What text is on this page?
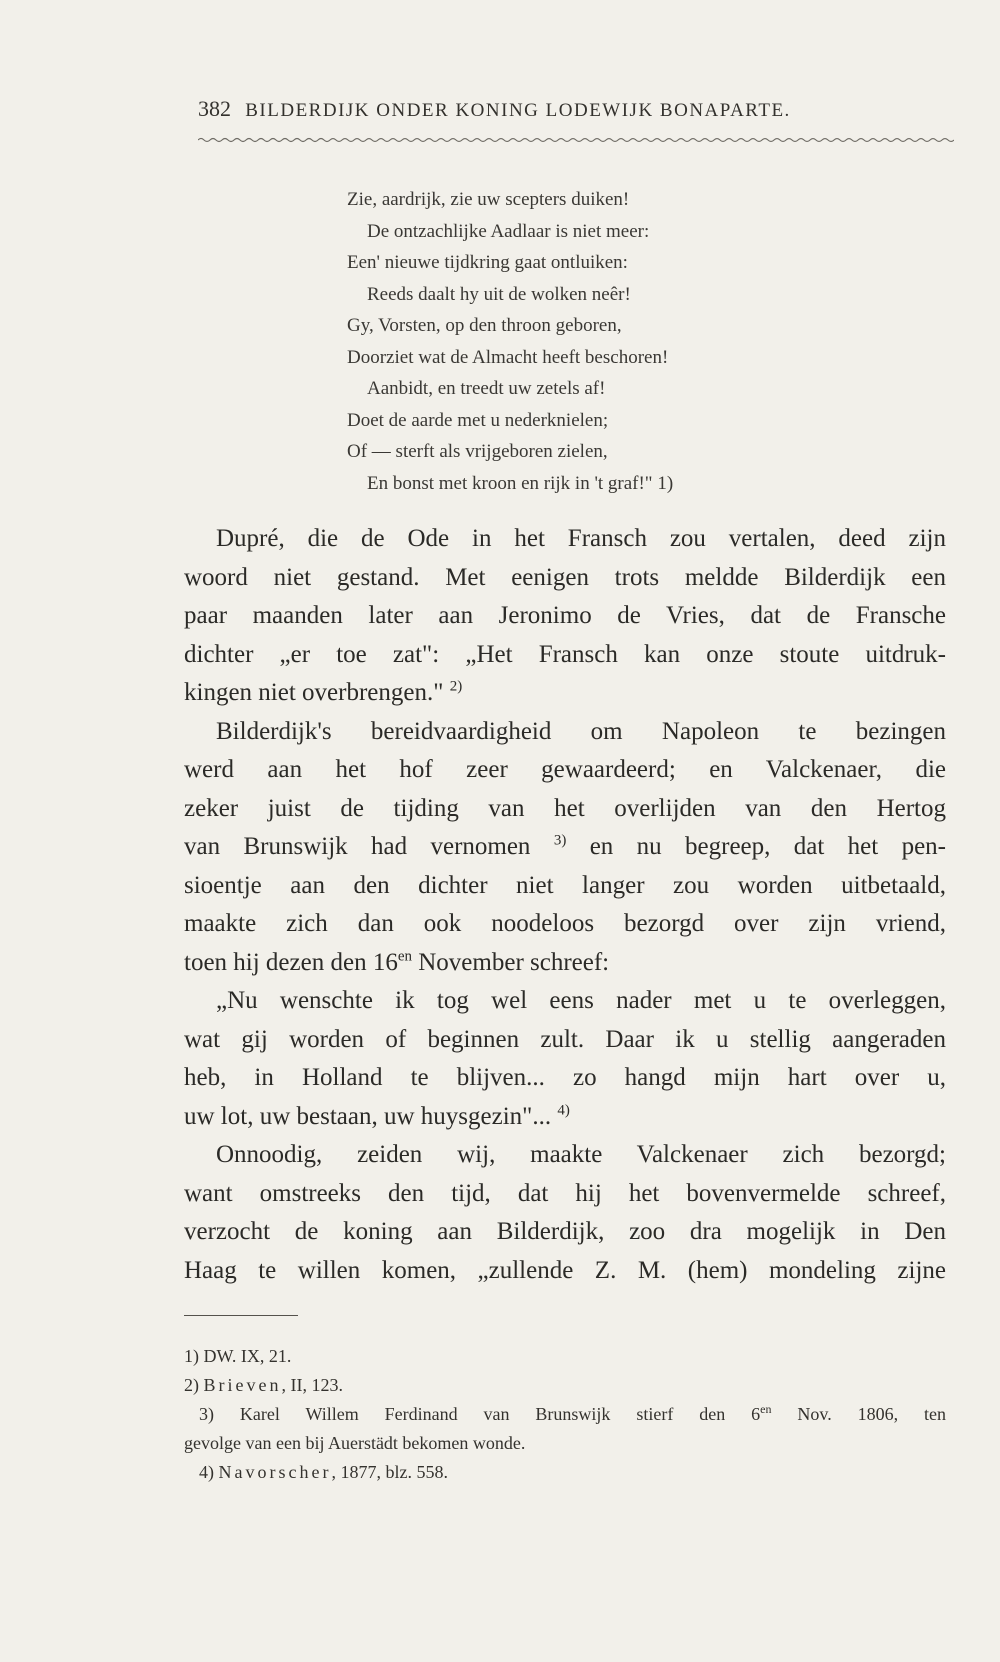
382 BILDERDIJK ONDER KONING LODEWIJK BONAPARTE.
Zie, aardrijk, zie uw scepters duiken!
De ontzachlijke Aadlaar is niet meer:
Een' nieuwe tijdkring gaat ontluiken:
Reeds daalt hy uit de wolken neêr!
Gy, Vorsten, op den throon geboren,
Doorziet wat de Almacht heeft beschoren!
Aanbidt, en treedt uw zetels af!
Doet de aarde met u nederknielen;
Of — sterft als vrijgeboren zielen,
En bonst met kroon en rijk in 't graf!" 1)
Dupré, die de Ode in het Fransch zou vertalen, deed zijn
woord niet gestand. Met eenigen trots meldde Bilderdijk een
paar maanden later aan Jeronimo de Vries, dat de Fransche
dichter „er toe zat": „Het Fransch kan onze stoute uitdruk-
kingen niet overbrengen." $^{2)}$
Bilderdijk's bereidvaardigheid om Napoleon te bezingen
werd aan het hof zeer gewaardeerd; en Valckenaer, die
zeker juist de tijding van het overlijden van den Hertog
van Brunswijk had vernomen $^{3)}$ en nu begreep, dat het pen-
sioentje aan den dichter niet langer zou worden uitbetaald,
maakte zich dan ook noodeloos bezorgd over zijn vriend,
toen hij dezen den $16^{en}$ November schreef:
„Nu wenschte ik tog wel eens nader met u te overleggen,
wat gij worden of beginnen zult. Daar ik u stellig aangeraden
heb, in Holland te blijven... zo hangd mijn hart over u,
uw lot, uw bestaan, uw huysgezin"... $^{4)}$
Onnoodig, zeiden wij, maakte Valckenaer zich bezorgd;
want omstreeks den tijd, dat hij het bovenvermelde schreef,
verzocht de koning aan Bilderdijk, zoo dra mogelijk in Den
Haag te willen komen, „zullende Z. M. (hem) mondeling zijne
1) DW. IX, 21.
2) Brieven, II, 123.
3) Karel Willem Ferdinand van Brunswijk stierf den $6^{en}$ Nov. 1806, ten
gevolge van een bij Auerstädt bekomen wonde.
4) Navorscher, 1877, blz. 558.
